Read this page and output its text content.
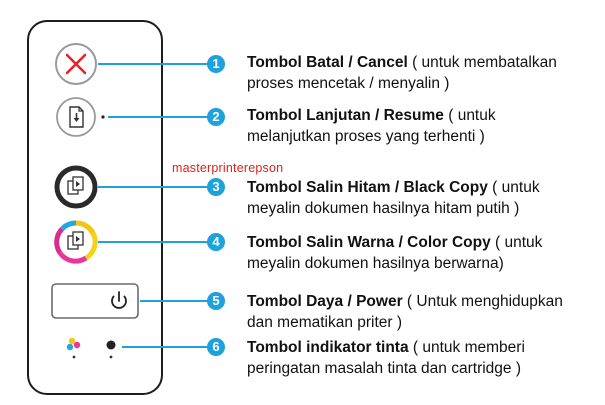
1
2
3
4
5
6
masterprinterepson
Tombol Batal / Cancel ( untuk membatalkan
proses mencetak / menyalin )
Tombol Lanjutan / Resume ( untuk
melanjutkan proses yang terhenti )
Tombol Salin Hitam / Black Copy ( untuk
meyalin dokumen hasilnya hitam putih )
Tombol Salin Warna / Color Copy ( untuk
meyalin dokumen hasilnya berwarna)
Tombol Daya / Power ( Untuk menghidupkan
dan mematikan priter )
Tombol indikator tinta ( untuk memberi
peringatan masalah tinta dan cartridge )
